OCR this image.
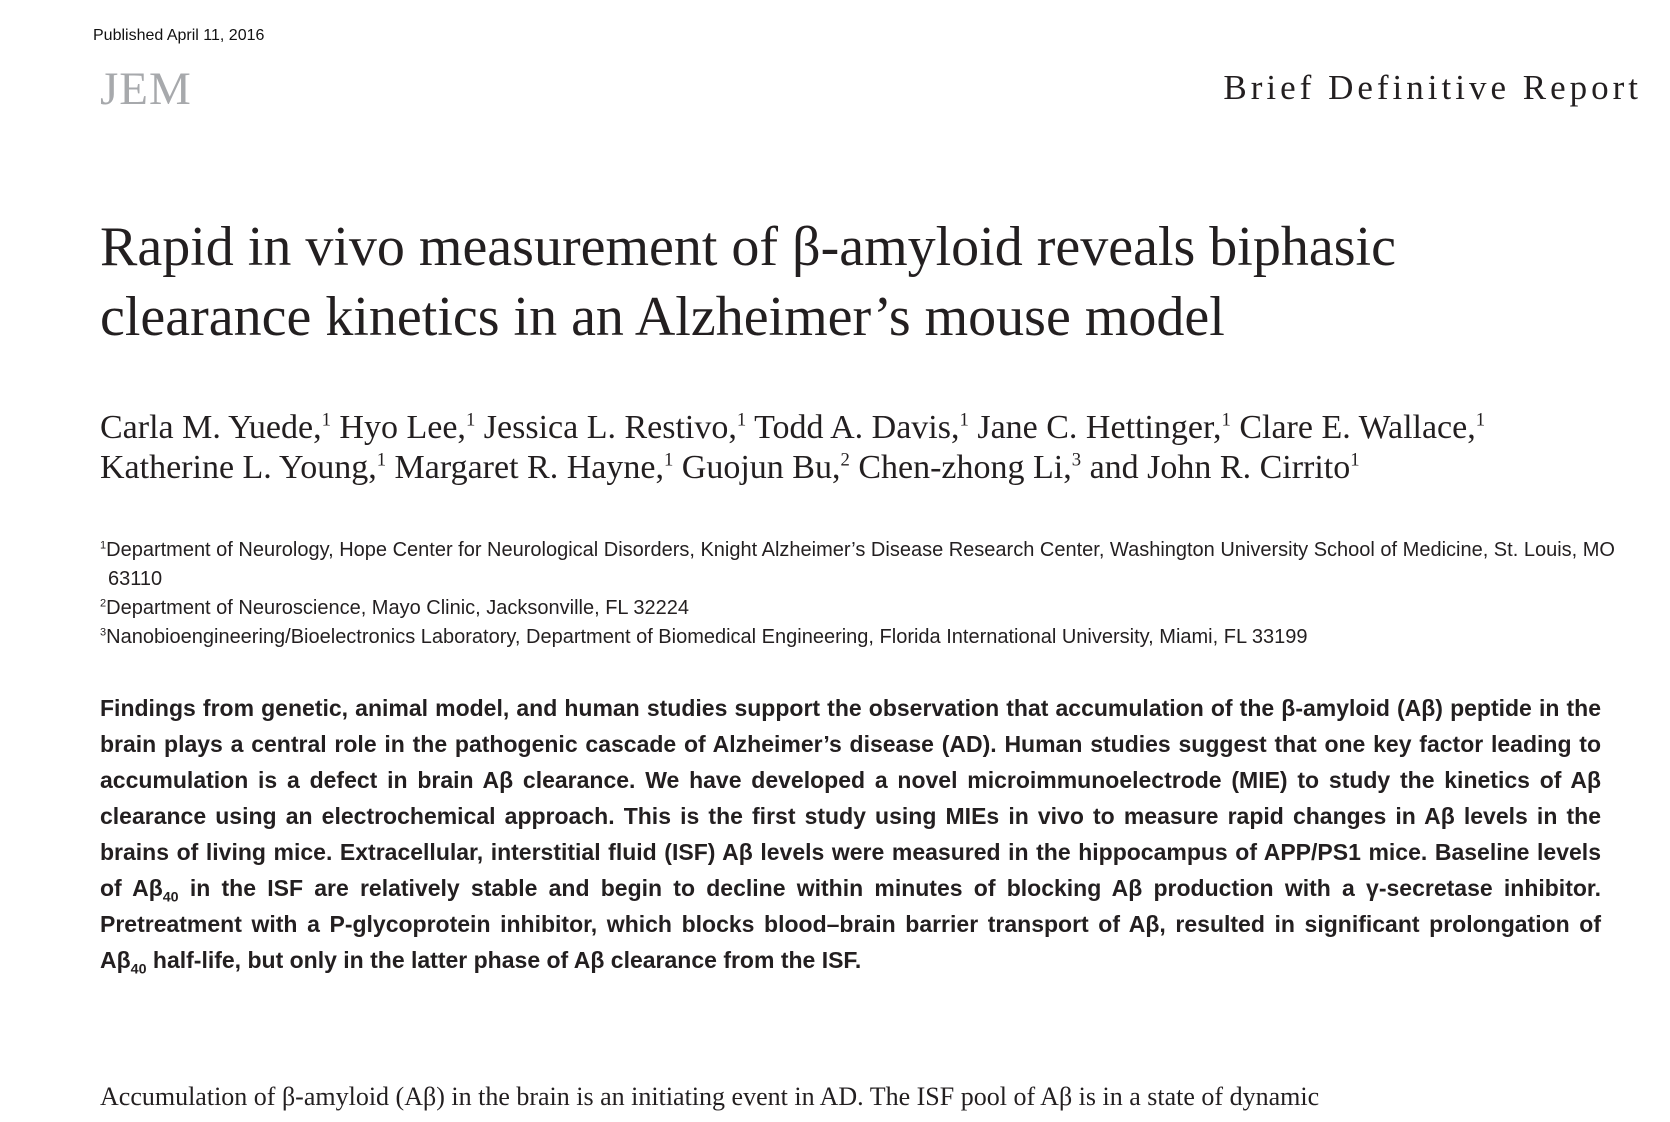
Published April 11, 2016
JEM	Brief Definitive Report
Rapid in vivo measurement of β-amyloid reveals biphasic clearance kinetics in an Alzheimer’s mouse model
Carla M. Yuede,$^1$ Hyo Lee,$^1$ Jessica L. Restivo,$^1$ Todd A. Davis,$^1$ Jane C. Hettinger,$^1$ Clare E. Wallace,$^1$
Katherine L. Young,$^1$ Margaret R. Hayne,$^1$ Guojun Bu,$^2$ Chen-zhong Li,$^3$ and John R. Cirrito$^1$

$^1$Department of Neurology, Hope Center for Neurological Disorders, Knight Alzheimer’s Disease Research Center, Washington University School of Medicine, St. Louis, MO 63110

$^2$Department of Neuroscience, Mayo Clinic, Jacksonville, FL 32224

$^3$Nanobioengineering/Bioelectronics Laboratory, Department of Biomedical Engineering, Florida International University, Miami, FL 33199

Findings from genetic, animal model, and human studies support the observation that accumulation of the β-amyloid (Aβ) peptide in the brain plays a central role in the pathogenic cascade of Alzheimer’s disease (AD). Human studies suggest that one key factor leading to accumulation is a defect in brain Aβ clearance. We have developed a novel microimmunoelectrode (MIE) to study the kinetics of Aβ clearance using an electrochemical approach. This is the first study using MIEs in vivo to measure rapid changes in Aβ levels in the brains of living mice. Extracellular, interstitial fluid (ISF) Aβ levels were measured in the hippocampus of APP/PS1 mice. Baseline levels of $A\beta_{40}$ in the ISF are relatively stable and begin to decline within minutes of blocking Aβ production with a γ-secretase inhibitor. Pretreatment with a P-glycoprotein inhibitor, which blocks blood–brain barrier transport of Aβ, resulted in significant prolongation of $A\beta_{40}$ half-life, but only in the latter phase of Aβ clearance from the ISF.

Accumulation of β-amyloid (Aβ) in the brain is an initiating event in AD. The ISF pool of Aβ is in a state of dynamic
